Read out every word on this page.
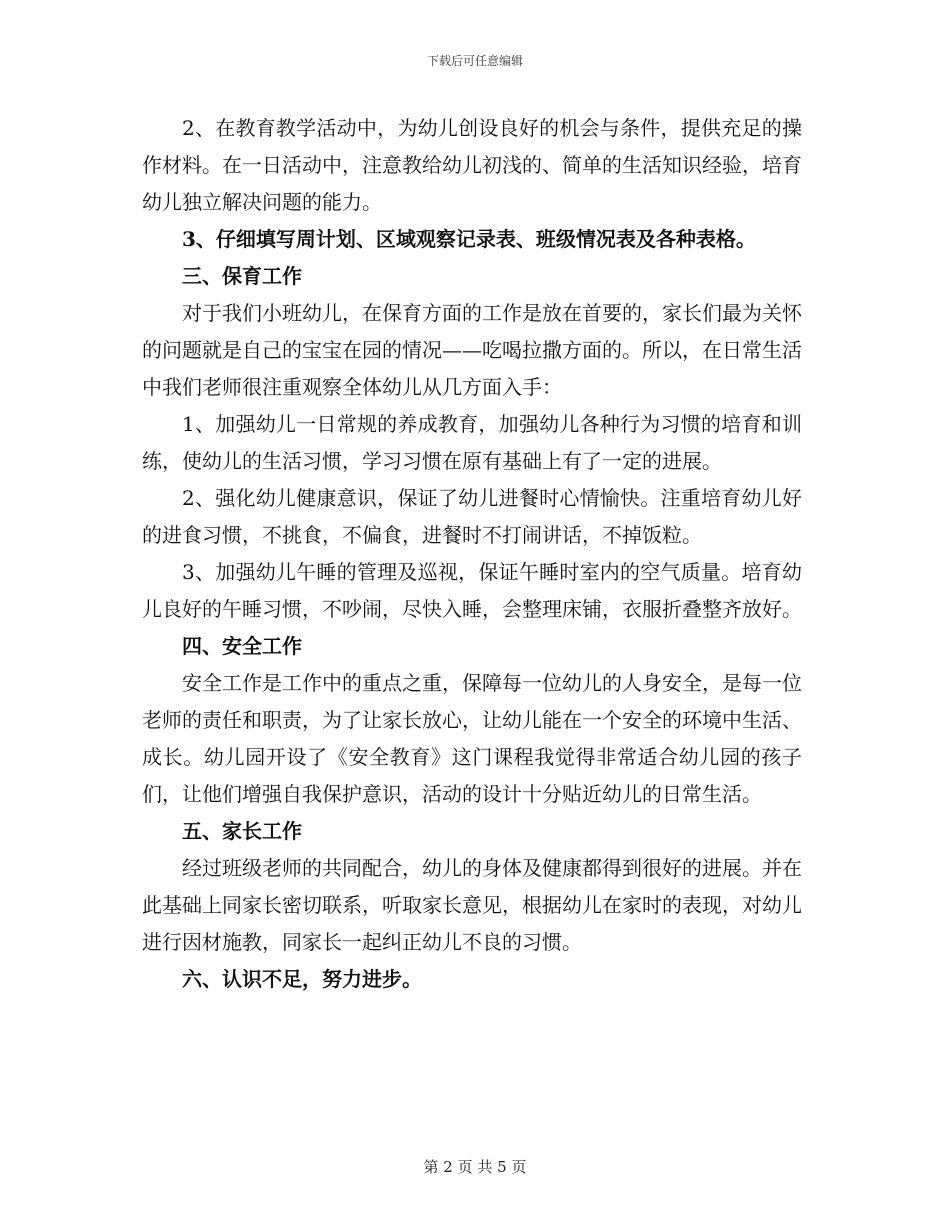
下载后可任意编辑

2、在教育教学活动中，为幼儿创设良好的机会与条件，提供充足的操作材料。在一日活动中，注意教给幼儿初浅的、简单的生活知识经验，培育幼儿独立解决问题的能力。

3、仔细填写周计划、区域观察记录表、班级情况表及各种表格。

三、保育工作

对于我们小班幼儿，在保育方面的工作是放在首要的，家长们最为关怀的问题就是自己的宝宝在园的情况——吃喝拉撒方面的。所以，在日常生活中我们老师很注重观察全体幼儿从几方面入手：

1、加强幼儿一日常规的养成教育，加强幼儿各种行为习惯的培育和训练，使幼儿的生活习惯，学习习惯在原有基础上有了一定的进展。

2、强化幼儿健康意识，保证了幼儿进餐时心情愉快。注重培育幼儿好的进食习惯，不挑食，不偏食，进餐时不打闹讲话，不掉饭粒。

3、加强幼儿午睡的管理及巡视，保证午睡时室内的空气质量。培育幼儿良好的午睡习惯，不吵闹，尽快入睡，会整理床铺，衣服折叠整齐放好。

四、安全工作

安全工作是工作中的重点之重，保障每一位幼儿的人身安全，是每一位老师的责任和职责，为了让家长放心，让幼儿能在一个安全的环境中生活、成长。幼儿园开设了《安全教育》这门课程我觉得非常适合幼儿园的孩子们，让他们增强自我保护意识，活动的设计十分贴近幼儿的日常生活。

五、家长工作

经过班级老师的共同配合，幼儿的身体及健康都得到很好的进展。并在此基础上同家长密切联系，听取家长意见，根据幼儿在家时的表现，对幼儿进行因材施教，同家长一起纠正幼儿不良的习惯。

六、认识不足，努力进步。

第 2 页 共 5 页
